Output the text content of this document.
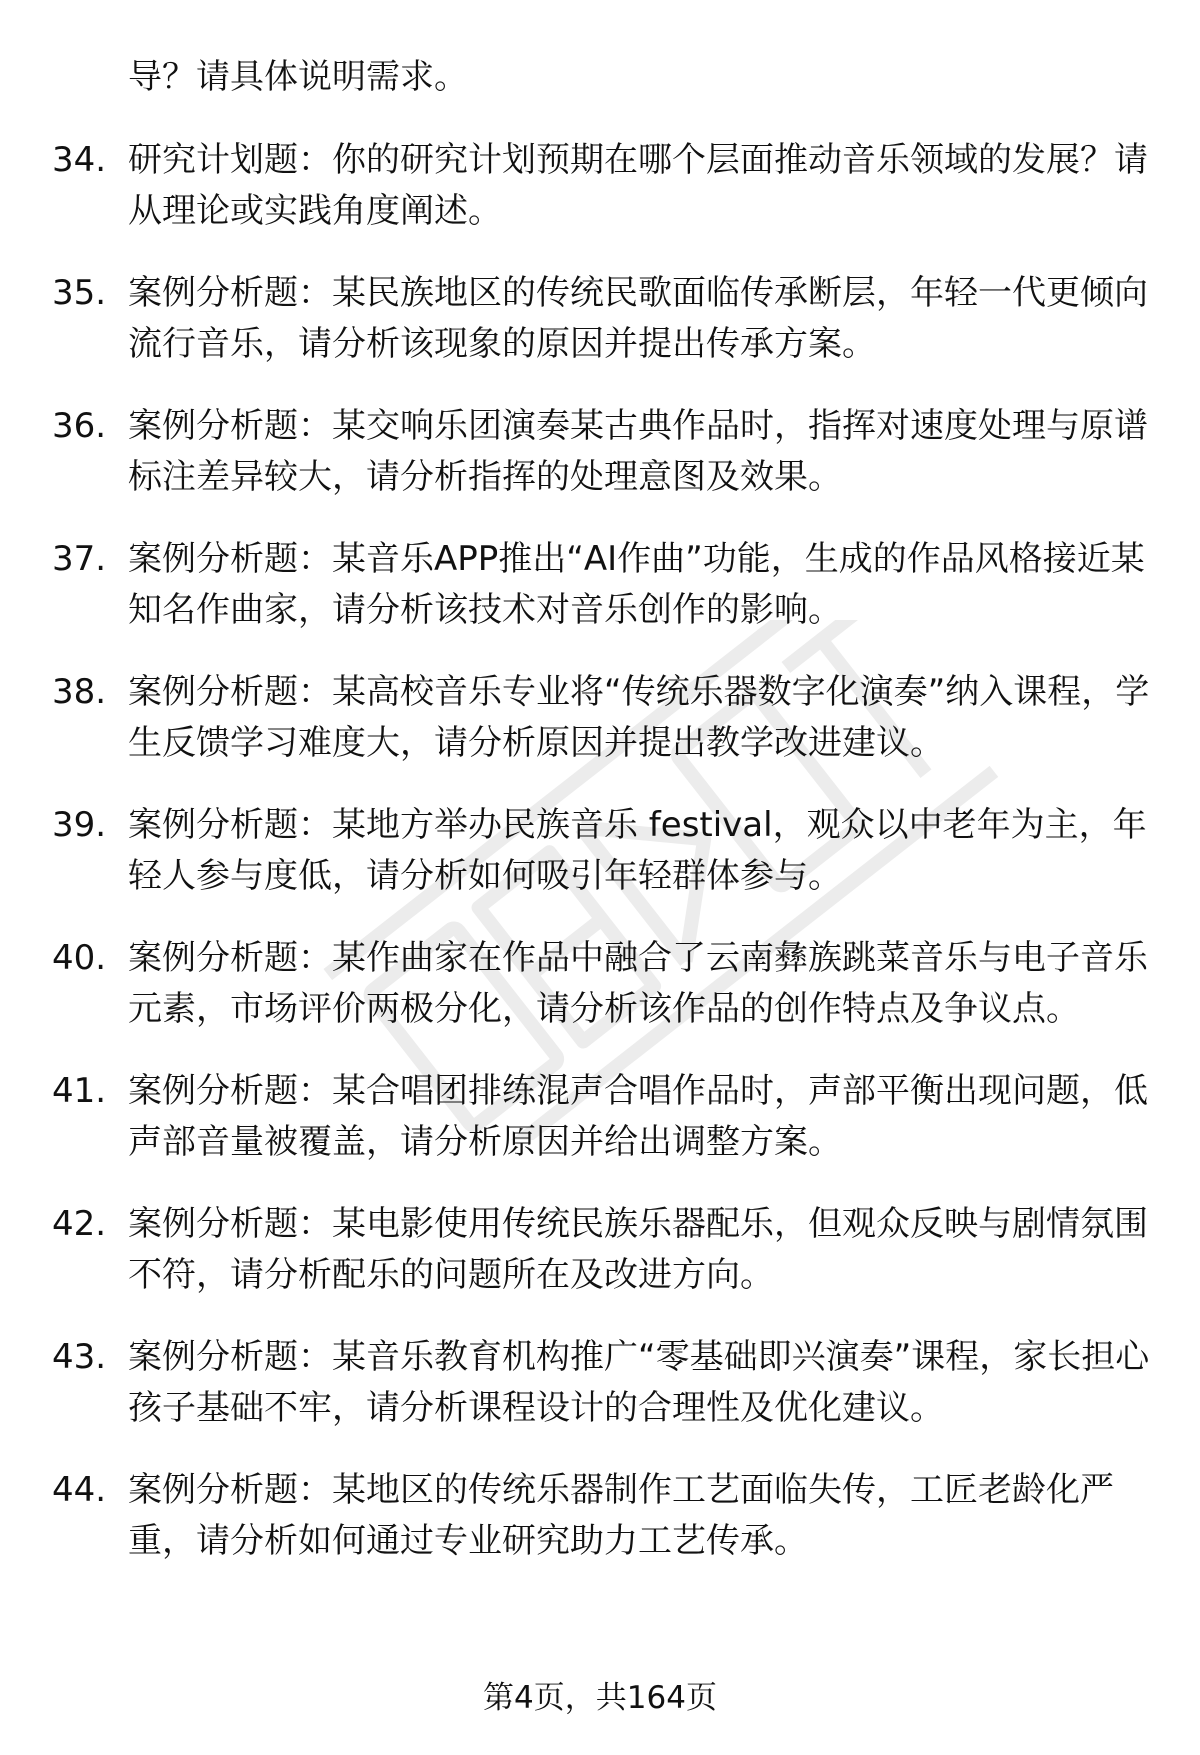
导？请具体说明需求。
34. 研究计划题：你的研究计划预期在哪个层面推动音乐领域的发展？请从理论或实践角度阐述。
35. 案例分析题：某民族地区的传统民歌面临传承断层，年轻一代更倾向流行音乐，请分析该现象的原因并提出传承方案。
36. 案例分析题：某交响乐团演奏某古典作品时，指挥对速度处理与原谱标注差异较大，请分析指挥的处理意图及效果。
37. 案例分析题：某音乐APP推出“AI作曲”功能，生成的作品风格接近某知名作曲家，请分析该技术对音乐创作的影响。
38. 案例分析题：某高校音乐专业将“传统乐器数字化演奏”纳入课程，学生反馈学习难度大，请分析原因并提出教学改进建议。
39. 案例分析题：某地方举办民族音乐 festival，观众以中老年为主，年轻人参与度低，请分析如何吸引年轻群体参与。
40. 案例分析题：某作曲家在作品中融合了云南彝族跳菜音乐与电子音乐元素，市场评价两极分化，请分析该作品的创作特点及争议点。
41. 案例分析题：某合唱团排练混声合唱作品时，声部平衡出现问题，低声部音量被覆盖，请分析原因并给出调整方案。
42. 案例分析题：某电影使用传统民族乐器配乐，但观众反映与剧情氛围不符，请分析配乐的问题所在及改进方向。
43. 案例分析题：某音乐教育机构推广“零基础即兴演奏”课程，家长担心孩子基础不牢，请分析课程设计的合理性及优化建议。
44. 案例分析题：某地区的传统乐器制作工艺面临失传，工匠老龄化严重，请分析如何通过专业研究助力工艺传承。
第4页，共164页
